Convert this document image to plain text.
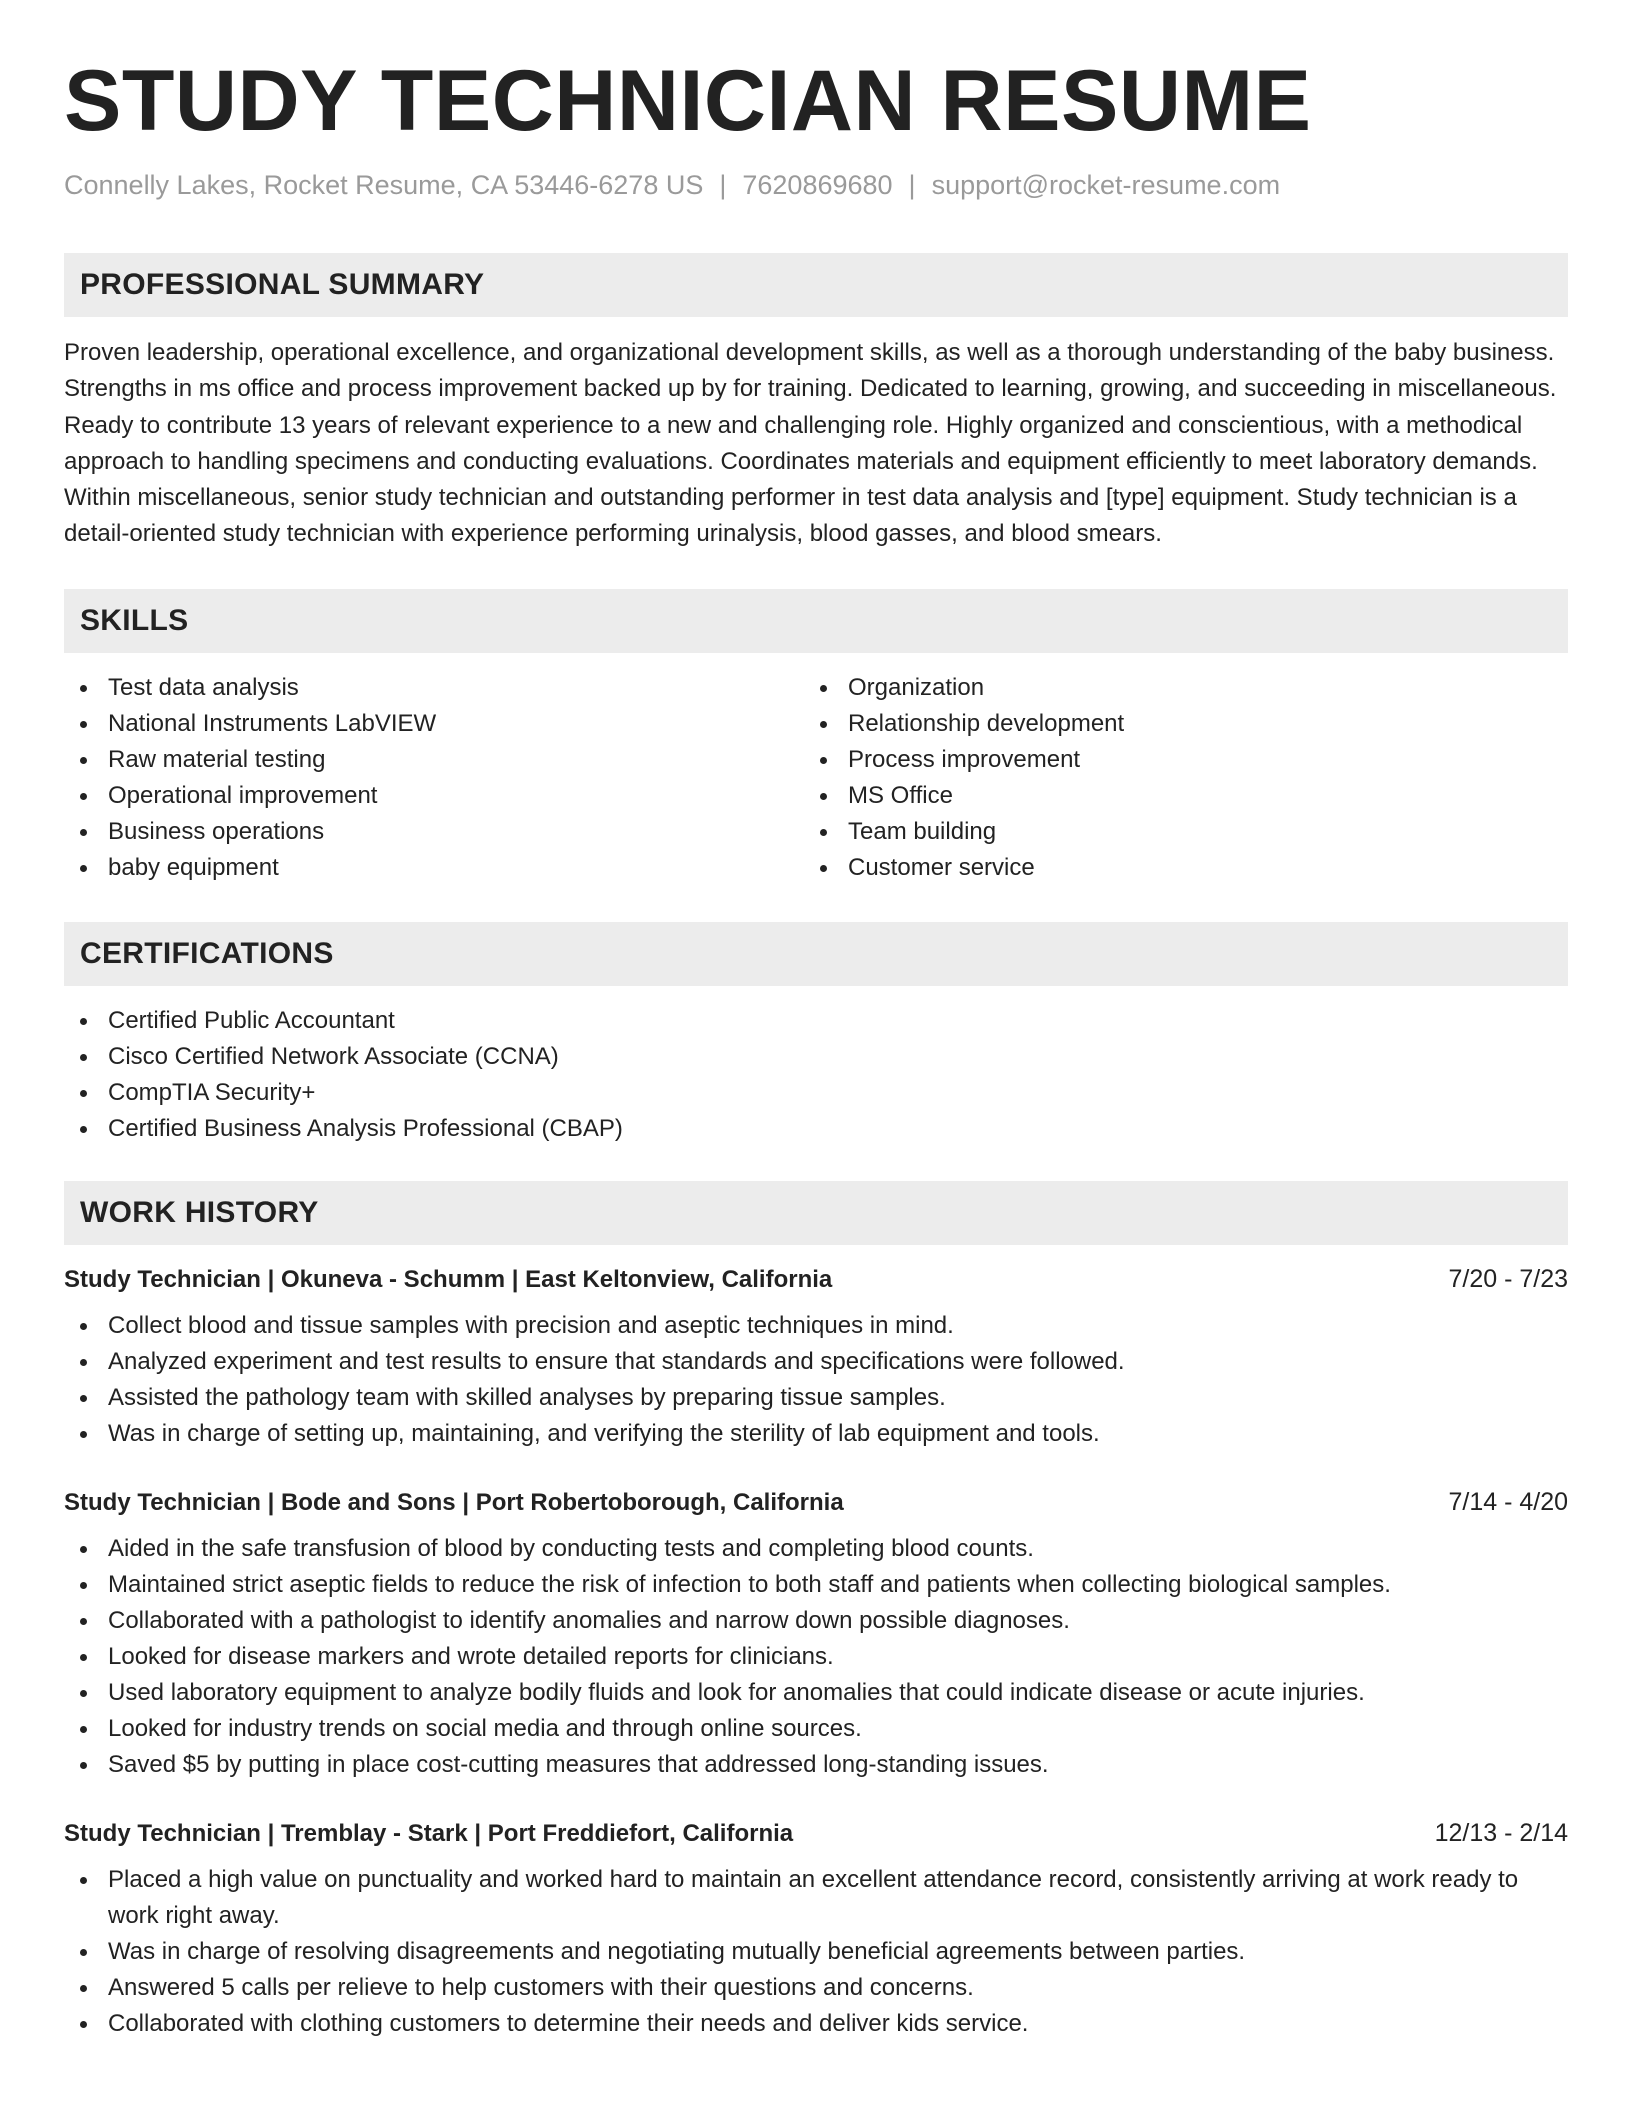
STUDY TECHNICIAN RESUME
Connelly Lakes, Rocket Resume, CA 53446-6278 US | 7620869680 | support@rocket-resume.com
PROFESSIONAL SUMMARY

Proven leadership, operational excellence, and organizational development skills, as well as a thorough understanding of the baby business. Strengths in ms office and process improvement backed up by for training. Dedicated to learning, growing, and succeeding in miscellaneous. Ready to contribute 13 years of relevant experience to a new and challenging role. Highly organized and conscientious, with a methodical approach to handling specimens and conducting evaluations. Coordinates materials and equipment efficiently to meet laboratory demands. Within miscellaneous, senior study technician and outstanding performer in test data analysis and [type] equipment. Study technician is a detail-oriented study technician with experience performing urinalysis, blood gasses, and blood smears.

SKILLS
Test data analysis
National Instruments LabVIEW
Raw material testing
Operational improvement
Business operations
baby equipment
Organization
Relationship development
Process improvement
MS Office
Team building
Customer service
CERTIFICATIONS
Certified Public Accountant
Cisco Certified Network Associate (CCNA)
CompTIA Security+
Certified Business Analysis Professional (CBAP)
WORK HISTORY
Study Technician | Okuneva - Schumm | East Keltonview, California	7/20 - 7/23
Collect blood and tissue samples with precision and aseptic techniques in mind.
Analyzed experiment and test results to ensure that standards and specifications were followed.
Assisted the pathology team with skilled analyses by preparing tissue samples.
Was in charge of setting up, maintaining, and verifying the sterility of lab equipment and tools.
Study Technician | Bode and Sons | Port Robertoborough, California	7/14 - 4/20
Aided in the safe transfusion of blood by conducting tests and completing blood counts.
Maintained strict aseptic fields to reduce the risk of infection to both staff and patients when collecting biological samples.
Collaborated with a pathologist to identify anomalies and narrow down possible diagnoses.
Looked for disease markers and wrote detailed reports for clinicians.
Used laboratory equipment to analyze bodily fluids and look for anomalies that could indicate disease or acute injuries.
Looked for industry trends on social media and through online sources.
Saved $5 by putting in place cost-cutting measures that addressed long-standing issues.
Study Technician | Tremblay - Stark | Port Freddiefort, California	12/13 - 2/14
Placed a high value on punctuality and worked hard to maintain an excellent attendance record, consistently arriving at work ready to work right away.
Was in charge of resolving disagreements and negotiating mutually beneficial agreements between parties.
Answered 5 calls per relieve to help customers with their questions and concerns.
Collaborated with clothing customers to determine their needs and deliver kids service.
